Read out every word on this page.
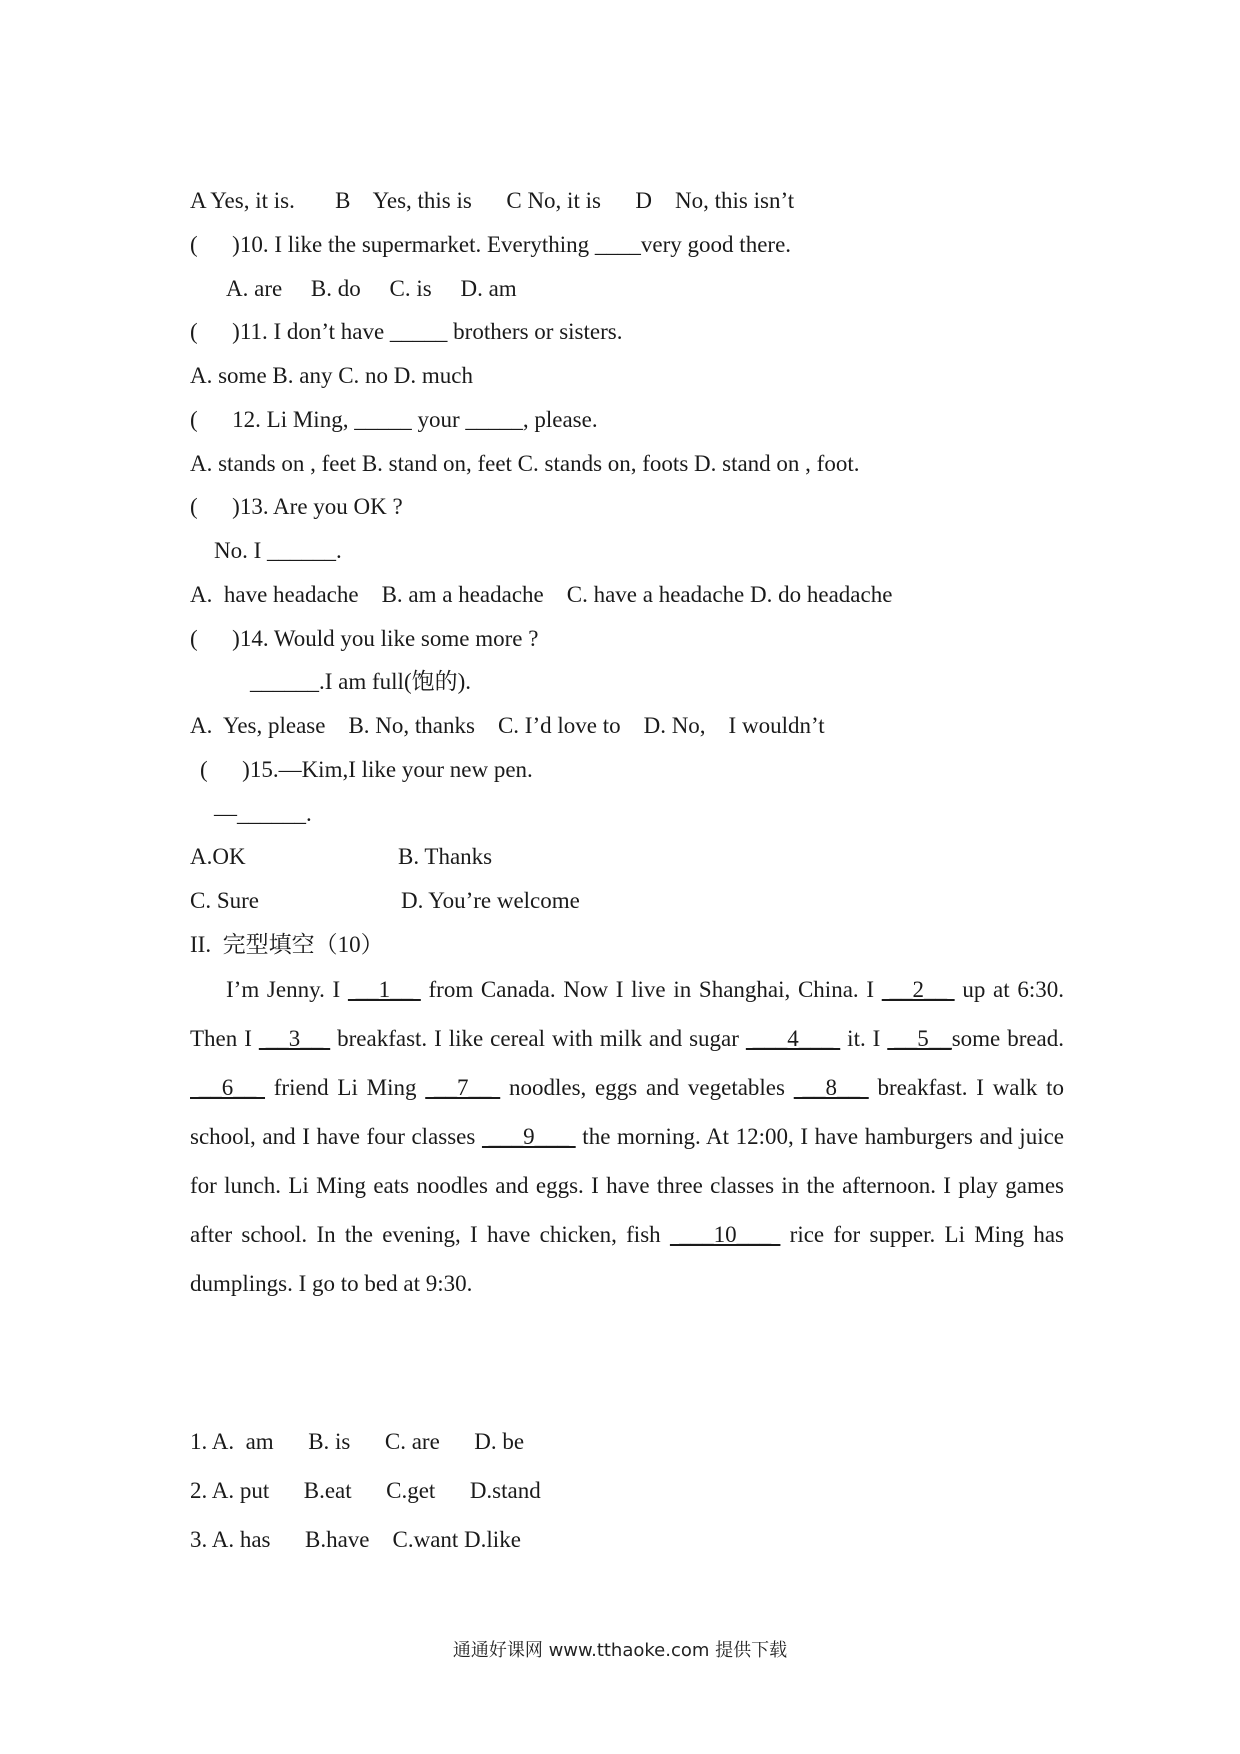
A Yes, it is.       B    Yes, this is      C No, it is      D    No, this isn’t
(      )10. I like the supermarket. Everything ____very good there.
A. are     B. do     C. is     D. am
(      )11. I don’t have _____ brothers or sisters.
A. some B. any C. no D. much
(      12. Li Ming, _____ your _____, please.
A. stands on , feet B. stand on, feet C. stands on, foots D. stand on , foot.
(      )13. Are you OK ?
No. I ______.
A.  have headache    B. am a headache    C. have a headache D. do headache
(      )14. Would you like some more ?
______.I am full(饱的).
A.  Yes, please    B. No, thanks    C. I’d love to    D. No,    I wouldn’t
(      )15.—Kim,I like your new pen.
—______.
A.OK	B. Thanks
C. Sure	D. You’re welcome
II.  完型填空（10）
I’m Jenny. I  __1__  from Canada. Now I live in Shanghai, China. I  __2__  up at 6:30. Then I  __3__  breakfast. I like cereal with milk and sugar  ___4___  it. I  __5__some bread.  __6__  friend Li Ming  __7__  noodles, eggs and vegetables  __8__  breakfast. I walk to school, and I have four classes  ___9___  the morning. At 12:00, I have hamburgers and juice for lunch. Li Ming eats noodles and eggs. I have three classes in the afternoon. I play games after school. In the evening, I have chicken, fish  ___10___  rice for supper. Li Ming has dumplings. I go to bed at 9:30.
1. A.  am      B. is      C. are      D. be
2. A. put      B.eat      C.get      D.stand
3. A. has      B.have    C.want D.like
通通好课网 www.tthaoke.com 提供下载
